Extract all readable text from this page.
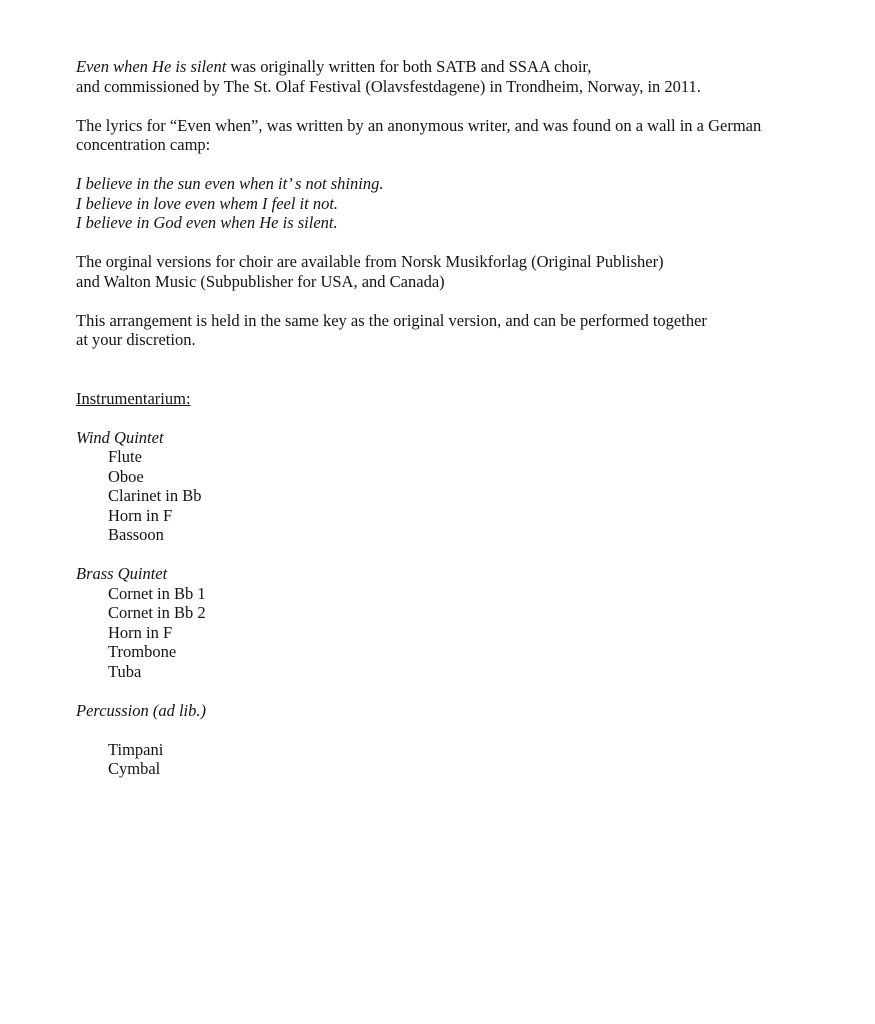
Even when He is silent was originally written for both SATB and SSAA choir,
and commissioned by The St. Olaf Festival (Olavsfestdagene) in Trondheim, Norway, in 2011.
The lyrics for “Even when”, was written by an anonymous writer, and was found on a wall in a German
concentration camp:
I believe in the sun even when it’ s not shining.
I believe in love even whem I feel it not.
I believe in God even when He is silent.
The orginal versions for choir are available from Norsk Musikforlag (Original Publisher)
and Walton Music (Subpublisher for USA, and Canada)
This arrangement is held in the same key as the original version, and can be performed together
at your discretion.
Instrumentarium:
Wind Quintet
Flute
Oboe
Clarinet in Bb
Horn in F
Bassoon
Brass Quintet
Cornet in Bb 1
Cornet in Bb 2
Horn in F
Trombone
Tuba
Percussion (ad lib.)
Timpani
Cymbal
